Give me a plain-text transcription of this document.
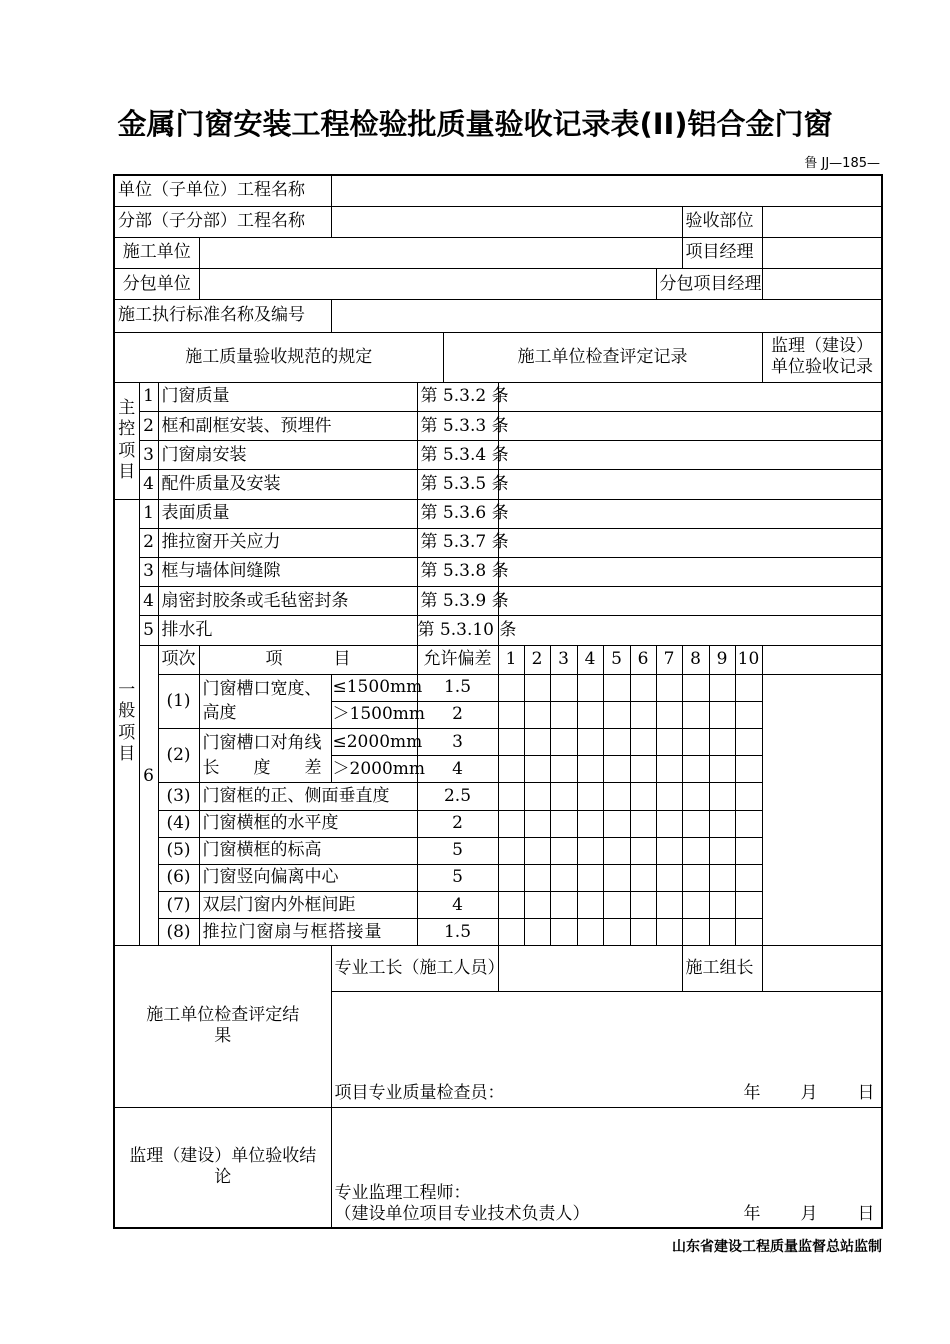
金属门窗安装工程检验批质量验收记录表(II)铝合金门窗
鲁 JJ—185—
单位（子单位）工程名称																		
分部（子分部）工程名称														验收部位				
施工单位														项目经理				
分包单位													分包项目经理					
施工执行标准名称及编号																		
施工质量验收规范的规定						施工单位检查评定记录											监理（建设）单位验收记录	
主控项目	1	门窗质量			第 5.3.2 条													
	2	框和副框安装、预埋件			第 5.3.3 条													
	3	门窗扇安装			第 5.3.4 条													
	4	配件质量及安装			第 5.3.5 条													
一般项目	1	表面质量			第 5.3.6 条													
	2	推拉窗开关应力			第 5.3.7 条													
	3	框与墙体间缝隙			第 5.3.8 条													
	4	扇密封胶条或毛毡密封条			第 5.3.9 条													
	5	排水孔			第 5.3.10 条													

6	项次	项　　　目		允许偏差		1	2	3	4	5	6	7	8	9	10		
		(1)	门窗槽口宽度、高度	≤1500mm	1.5													
				＞1500mm	2													
		(2)	门窗槽口对角线
长　　度　　差	≤2000mm	3													
				＞2000mm	4													
		(3)	门窗框的正、侧面垂直度		2.5													
		(4)	门窗横框的水平度		2													
		(5)	门窗横框的标高		5													
		(6)	门窗竖向偏离中心		5													
		(7)	双层门窗内外框间距		4													
		(8)	推拉门窗扇与框搭接量		1.5													
施工单位检查评定结果				专业工长（施工人员）										施工组长				

				项目专业质量检查员： 年 月 日														

监理（建设）单位验收结论				专业监理工程师：
（建设单位项目专业技术负责人） 年 月 日														
山东省建设工程质量监督总站监制
